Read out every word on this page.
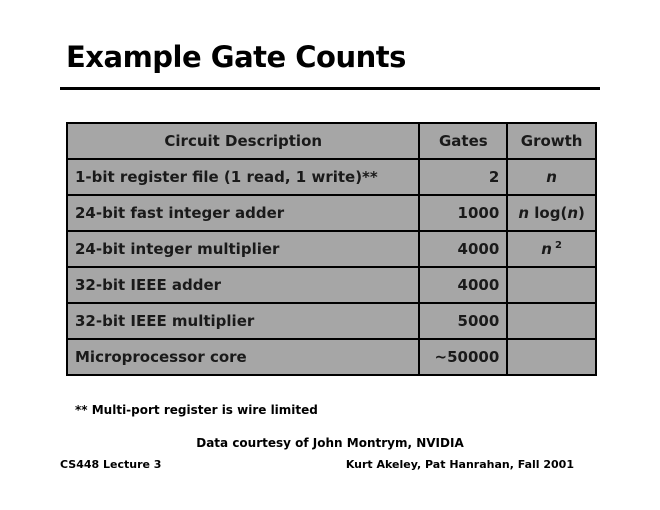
Example Gate Counts
Circuit Description	Gates	Growth
1-bit register file (1 read, 1 write)**	2	n
24-bit fast integer adder	1000	n log(n)
24-bit integer multiplier	4000	n $^2$
32-bit IEEE adder	4000	
32-bit IEEE multiplier	5000	
Microprocessor core	~50000	
** Multi-port register is wire limited
Data courtesy of John Montrym, NVIDIA
CS448 Lecture 3	Kurt Akeley, Pat Hanrahan, Fall 2001
